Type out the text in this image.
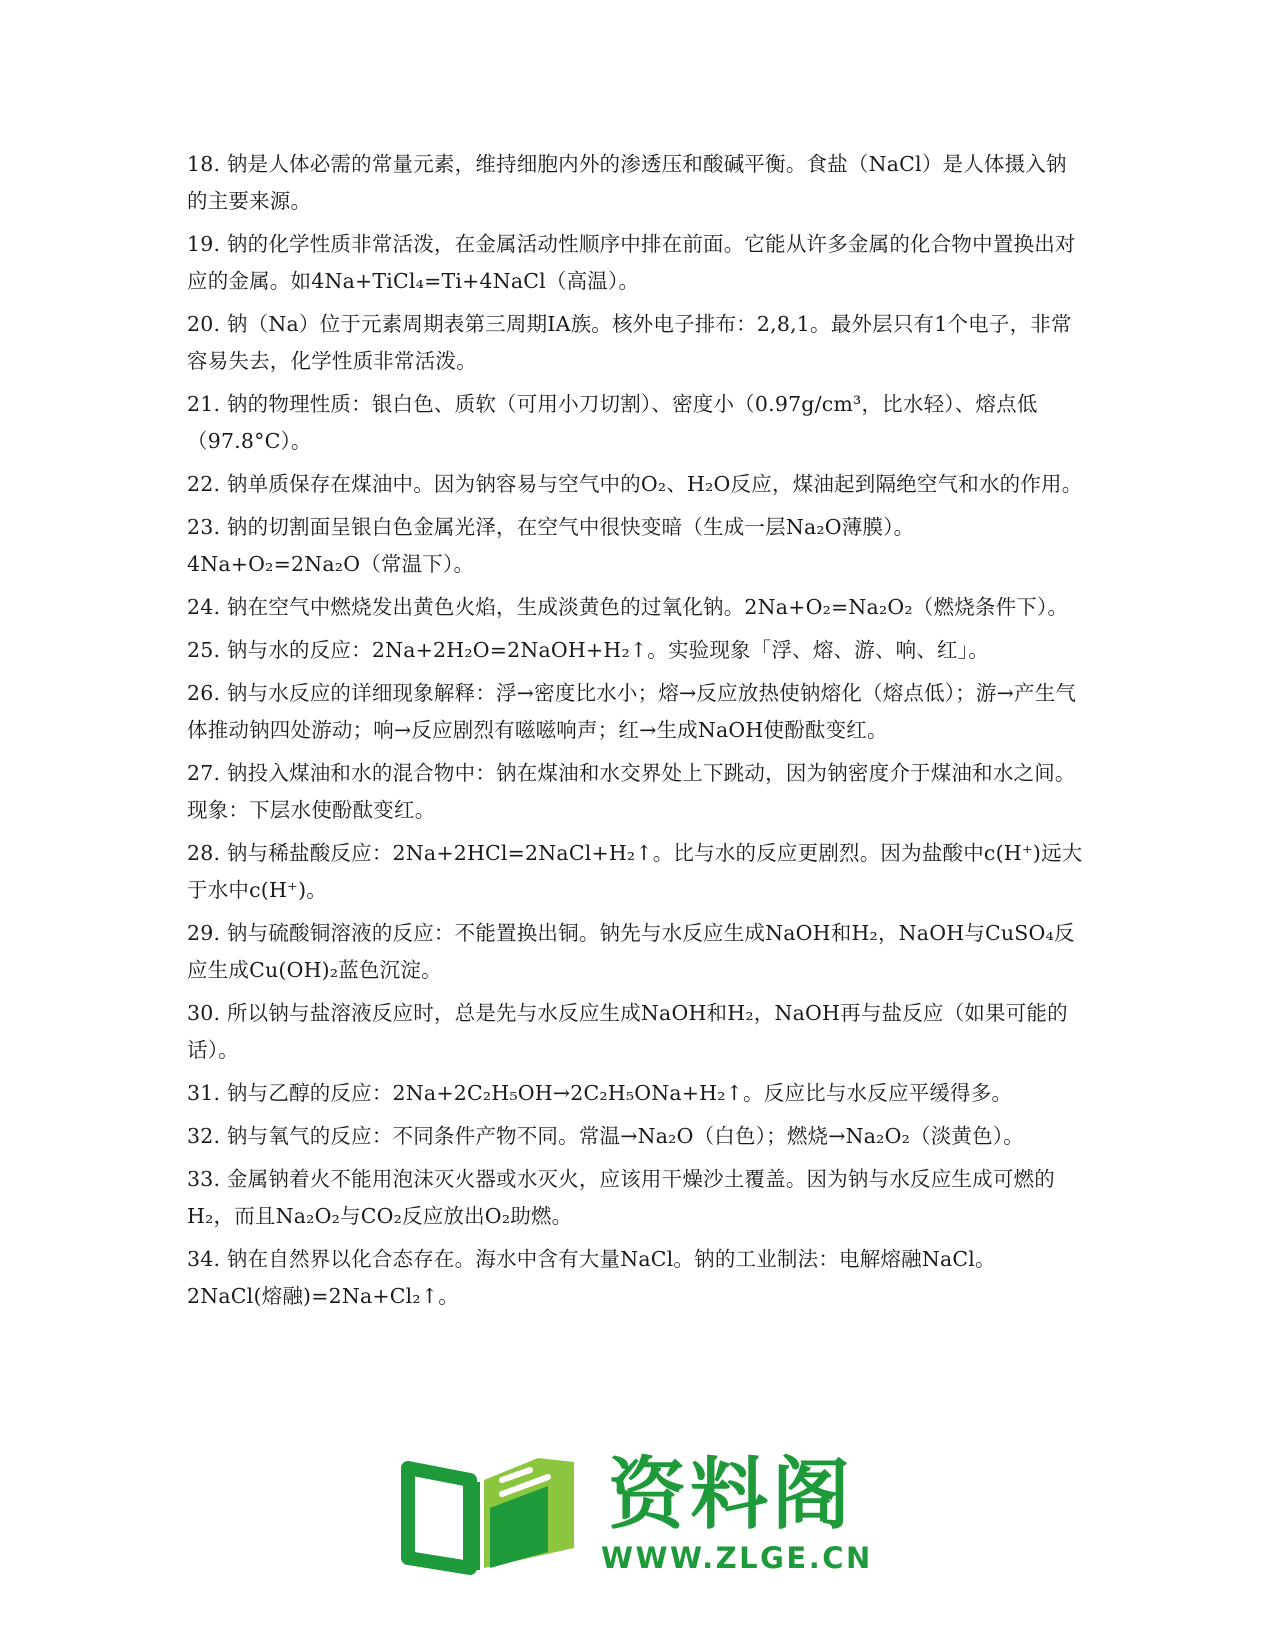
18. 钠是人体必需的常量元素，维持细胞内外的渗透压和酸碱平衡。食盐（NaCl）是人体摄入钠的主要来源。

19. 钠的化学性质非常活泼，在金属活动性顺序中排在前面。它能从许多金属的化合物中置换出对应的金属。如4Na+TiCl₄=Ti+4NaCl（高温）。

20. 钠（Na）位于元素周期表第三周期IA族。核外电子排布：2,8,1。最外层只有1个电子，非常容易失去，化学性质非常活泼。

21. 钠的物理性质：银白色、质软（可用小刀切割）、密度小（0.97g/cm³，比水轻）、熔点低（97.8°C）。

22. 钠单质保存在煤油中。因为钠容易与空气中的O₂、H₂O反应，煤油起到隔绝空气和水的作用。

23. 钠的切割面呈银白色金属光泽，在空气中很快变暗（生成一层Na₂O薄膜）。4Na+O₂=2Na₂O（常温下）。

24. 钠在空气中燃烧发出黄色火焰，生成淡黄色的过氧化钠。2Na+O₂=Na₂O₂（燃烧条件下）。

25. 钠与水的反应：2Na+2H₂O=2NaOH+H₂↑。实验现象「浮、熔、游、响、红」。

26. 钠与水反应的详细现象解释：浮→密度比水小；熔→反应放热使钠熔化（熔点低）；游→产生气体推动钠四处游动；响→反应剧烈有嗞嗞响声；红→生成NaOH使酚酞变红。

27. 钠投入煤油和水的混合物中：钠在煤油和水交界处上下跳动，因为钠密度介于煤油和水之间。现象：下层水使酚酞变红。

28. 钠与稀盐酸反应：2Na+2HCl=2NaCl+H₂↑。比与水的反应更剧烈。因为盐酸中c(H⁺)远大于水中c(H⁺)。

29. 钠与硫酸铜溶液的反应：不能置换出铜。钠先与水反应生成NaOH和H₂，NaOH与CuSO₄反应生成Cu(OH)₂蓝色沉淀。

30. 所以钠与盐溶液反应时，总是先与水反应生成NaOH和H₂，NaOH再与盐反应（如果可能的话）。

31. 钠与乙醇的反应：2Na+2C₂H₅OH→2C₂H₅ONa+H₂↑。反应比与水反应平缓得多。

32. 钠与氧气的反应：不同条件产物不同。常温→Na₂O（白色）；燃烧→Na₂O₂（淡黄色）。

33. 金属钠着火不能用泡沫灭火器或水灭火，应该用干燥沙土覆盖。因为钠与水反应生成可燃的H₂，而且Na₂O₂与CO₂反应放出O₂助燃。

34. 钠在自然界以化合态存在。海水中含有大量NaCl。钠的工业制法：电解熔融NaCl。2NaCl(熔融)=2Na+Cl₂↑。

资料阁
WWW.ZLGE.CN
